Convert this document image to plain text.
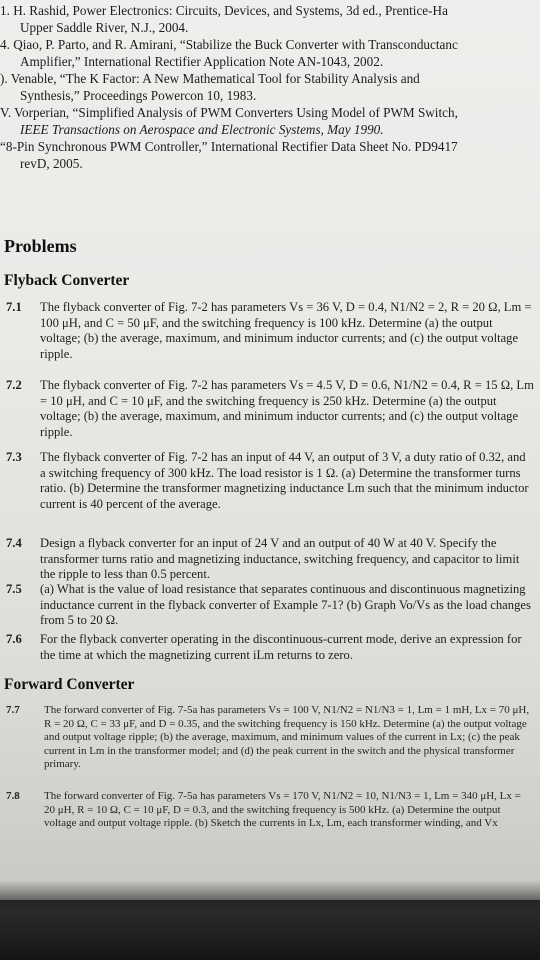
1. H. Rashid, Power Electronics: Circuits, Devices, and Systems, 3d ed., Prentice-Ha
Upper Saddle River, N.J., 2004.
4. Qiao, P. Parto, and R. Amirani, “Stabilize the Buck Converter with Transconductanc
Amplifier,” International Rectifier Application Note AN-1043, 2002.
). Venable, “The K Factor: A New Mathematical Tool for Stability Analysis and
Synthesis,” Proceedings Powercon 10, 1983.
V. Vorperian, “Simplified Analysis of PWM Converters Using Model of PWM Switch,
IEEE Transactions on Aerospace and Electronic Systems, May 1990.
“8-Pin Synchronous PWM Controller,” International Rectifier Data Sheet No. PD9417
revD, 2005.
Problems
Flyback Converter
7.1 The flyback converter of Fig. 7-2 has parameters Vs = 36 V, D = 0.4, N1/N2 = 2, R = 20 Ω, Lm = 100 μH, and C = 50 μF, and the switching frequency is 100 kHz. Determine (a) the output voltage; (b) the average, maximum, and minimum inductor currents; and (c) the output voltage ripple.
7.2 The flyback converter of Fig. 7-2 has parameters Vs = 4.5 V, D = 0.6, N1/N2 = 0.4, R = 15 Ω, Lm = 10 μH, and C = 10 μF, and the switching frequency is 250 kHz. Determine (a) the output voltage; (b) the average, maximum, and minimum inductor currents; and (c) the output voltage ripple.
7.3 The flyback converter of Fig. 7-2 has an input of 44 V, an output of 3 V, a duty ratio of 0.32, and a switching frequency of 300 kHz. The load resistor is 1 Ω. (a) Determine the transformer turns ratio. (b) Determine the transformer magnetizing inductance Lm such that the minimum inductor current is 40 percent of the average.
7.4 Design a flyback converter for an input of 24 V and an output of 40 W at 40 V. Specify the transformer turns ratio and magnetizing inductance, switching frequency, and capacitor to limit the ripple to less than 0.5 percent.
7.5 (a) What is the value of load resistance that separates continuous and discontinuous magnetizing inductance current in the flyback converter of Example 7-1? (b) Graph Vo/Vs as the load changes from 5 to 20 Ω.
7.6 For the flyback converter operating in the discontinuous-current mode, derive an expression for the time at which the magnetizing current iLm returns to zero.
Forward Converter
7.7 The forward converter of Fig. 7-5a has parameters Vs = 100 V, N1/N2 = N1/N3 = 1, Lm = 1 mH, Lx = 70 μH, R = 20 Ω, C = 33 μF, and D = 0.35, and the switching frequency is 150 kHz. Determine (a) the output voltage and output voltage ripple; (b) the average, maximum, and minimum values of the current in Lx; (c) the peak current in Lm in the transformer model; and (d) the peak current in the switch and the physical transformer primary.
7.8 The forward converter of Fig. 7-5a has parameters Vs = 170 V, N1/N2 = 10, N1/N3 = 1, Lm = 340 μH, Lx = 20 μH, R = 10 Ω, C = 10 μF, D = 0.3, and the switching frequency is 500 kHz. (a) Determine the output voltage and output voltage ripple. (b) Sketch the currents in Lx, Lm, each transformer winding, and Vx
